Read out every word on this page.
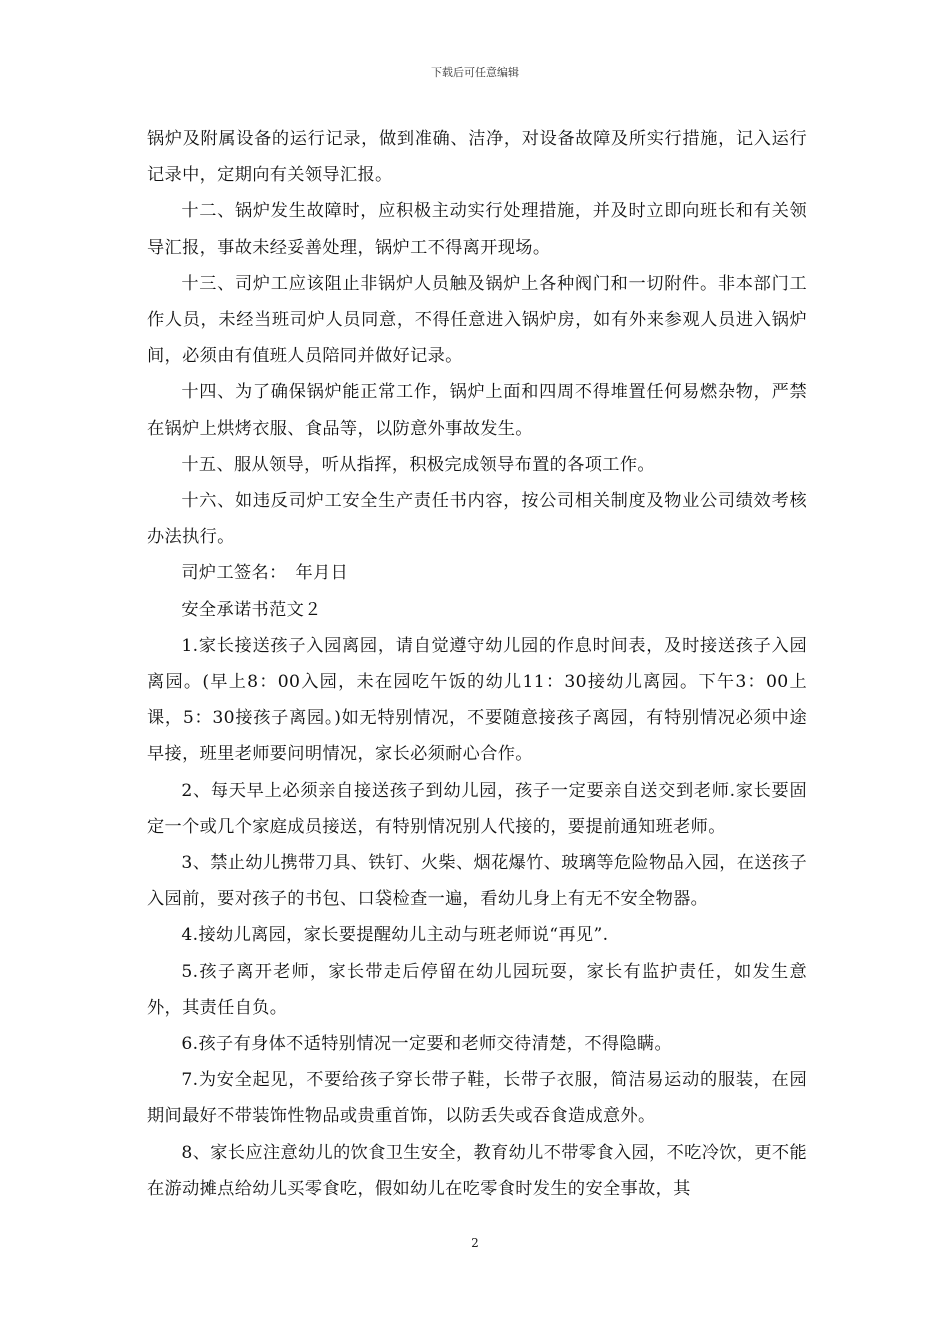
下载后可任意编辑

锅炉及附属设备的运行记录，做到准确、洁净，对设备故障及所实行措施，记入运行记录中，定期向有关领导汇报。

十二、锅炉发生故障时，应积极主动实行处理措施，并及时立即向班长和有关领导汇报，事故未经妥善处理，锅炉工不得离开现场。

十三、司炉工应该阻止非锅炉人员触及锅炉上各种阀门和一切附件。非本部门工作人员，未经当班司炉人员同意，不得任意进入锅炉房，如有外来参观人员进入锅炉间，必须由有值班人员陪同并做好记录。

十四、为了确保锅炉能正常工作，锅炉上面和四周不得堆置任何易燃杂物，严禁在锅炉上烘烤衣服、食品等，以防意外事故发生。

十五、服从领导，听从指挥，积极完成领导布置的各项工作。

十六、如违反司炉工安全生产责任书内容，按公司相关制度及物业公司绩效考核办法执行。

司炉工签名：　年月日

安全承诺书范文２

1.家长接送孩子入园离园，请自觉遵守幼儿园的作息时间表，及时接送孩子入园离园。(早上8：00入园，未在园吃午饭的幼儿11：30接幼儿离园。下午3：00上课，5：30接孩子离园。)如无特别情况，不要随意接孩子离园，有特别情况必须中途早接，班里老师要问明情况，家长必须耐心合作。

2、每天早上必须亲自接送孩子到幼儿园，孩子一定要亲自送交到老师.家长要固定一个或几个家庭成员接送，有特别情况别人代接的，要提前通知班老师。

3、禁止幼儿携带刀具、铁钉、火柴、烟花爆竹、玻璃等危险物品入园，在送孩子入园前，要对孩子的书包、口袋检查一遍，看幼儿身上有无不安全物器。

4.接幼儿离园，家长要提醒幼儿主动与班老师说“再见”.

5.孩子离开老师，家长带走后停留在幼儿园玩耍，家长有监护责任，如发生意外，其责任自负。

6.孩子有身体不适特别情况一定要和老师交待清楚，不得隐瞒。

7.为安全起见，不要给孩子穿长带子鞋，长带子衣服，简洁易运动的服装，在园期间最好不带装饰性物品或贵重首饰，以防丢失或吞食造成意外。

8、家长应注意幼儿的饮食卫生安全，教育幼儿不带零食入园，不吃冷饮，更不能在游动摊点给幼儿买零食吃，假如幼儿在吃零食时发生的安全事故，其

2
